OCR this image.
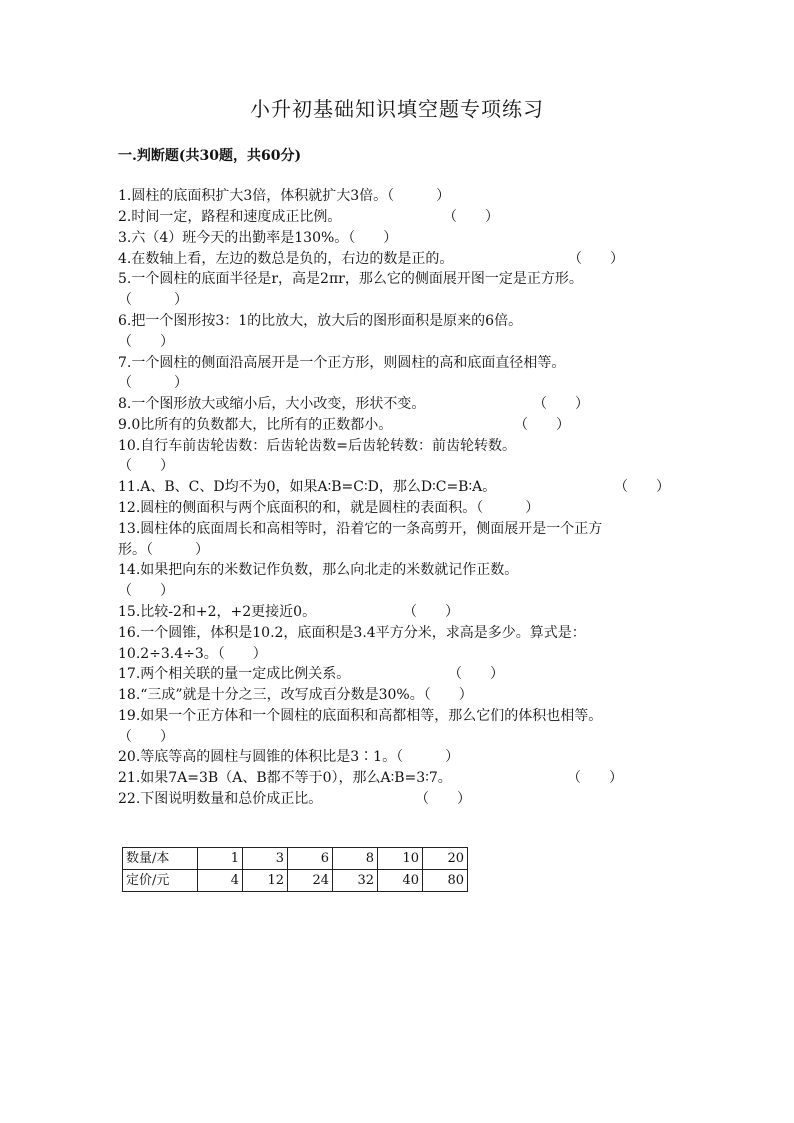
小升初基础知识填空题专项练习
一.判断题(共30题，共60分)
1.圆柱的底面积扩大3倍，体积就扩大3倍。（　　　）
2.时间一定，路程和速度成正比例。	（　　）
3.六（4）班今天的出勤率是130%。（　　）
4.在数轴上看，左边的数总是负的，右边的数是正的。	（　　）
5.一个圆柱的底面半径是r，高是2πr，那么它的侧面展开图一定是正方形。
（　　　）
6.把一个图形按3：1的比放大，放大后的图形面积是原来的6倍。
（　　）
7.一个圆柱的侧面沿高展开是一个正方形，则圆柱的高和底面直径相等。
（　　　）
8.一个图形放大或缩小后，大小改变，形状不变。	（　　）
9.0比所有的负数都大，比所有的正数都小。	（　　）
10.自行车前齿轮齿数：后齿轮齿数=后齿轮转数：前齿轮转数。
（　　）
11.A、B、C、D均不为0，如果A∶B=C∶D，那么D∶C=B∶A。	（　　）
12.圆柱的侧面积与两个底面积的和，就是圆柱的表面积。（　　　）
13.圆柱体的底面周长和高相等时，沿着它的一条高剪开，侧面展开是一个正方
形。（　　　）
14.如果把向东的米数记作负数，那么向北走的米数就记作正数。
（　　）
15.比较-2和+2，+2更接近0。	（　　）
16.一个圆锥，体积是10.2，底面积是3.4平方分米，求高是多少。算式是：
10.2÷3.4÷3。（　　）
17.两个相关联的量一定成比例关系。	（　　）
18.“三成”就是十分之三，改写成百分数是30%。（　　）
19.如果一个正方体和一个圆柱的底面积和高都相等，那么它们的体积也相等。
（　　）
20.等底等高的圆柱与圆锥的体积比是3∶1。（　　　）
21.如果7A=3B（A、B都不等于0），那么A∶B=3∶7。	（　　）
22.下图说明数量和总价成正比。	（　　）
数量/本	1	3	6	8	10	20
定价/元	4	12	24	32	40	80
